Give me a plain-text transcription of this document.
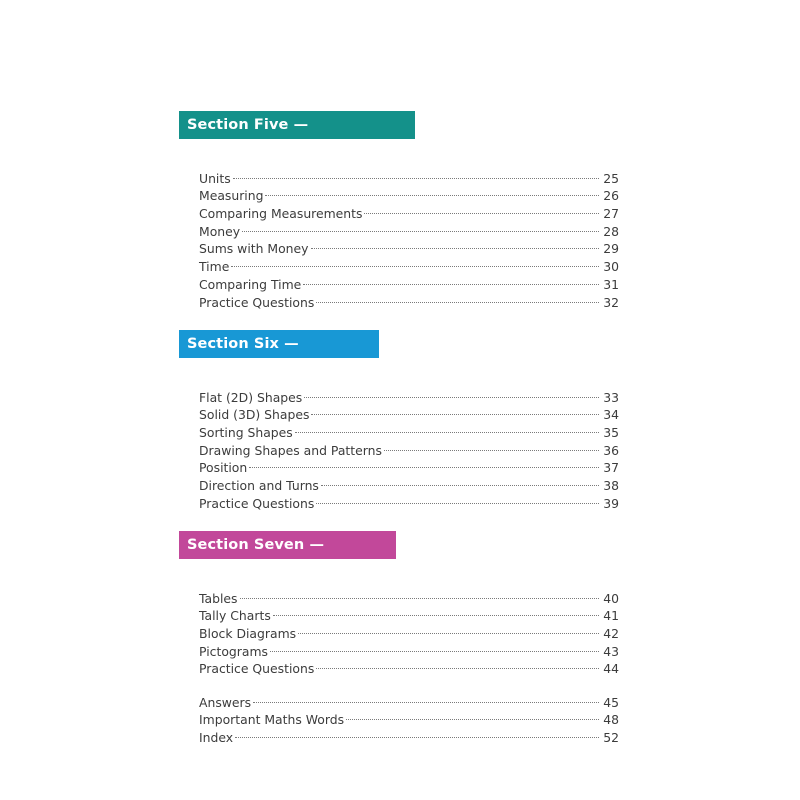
Section Five — Measurement
Units	25
Measuring	26
Comparing Measurements	27
Money	28
Sums with Money	29
Time	30
Comparing Time	31
Practice Questions	32
Section Six — Geometry
Flat (2D) Shapes	33
Solid (3D) Shapes	34
Sorting Shapes	35
Drawing Shapes and Patterns	36
Position	37
Direction and Turns	38
Practice Questions	39
Section Seven — Statistics
Tables	40
Tally Charts	41
Block Diagrams	42
Pictograms	43
Practice Questions	44
Answers	45
Important Maths Words	48
Index	52
